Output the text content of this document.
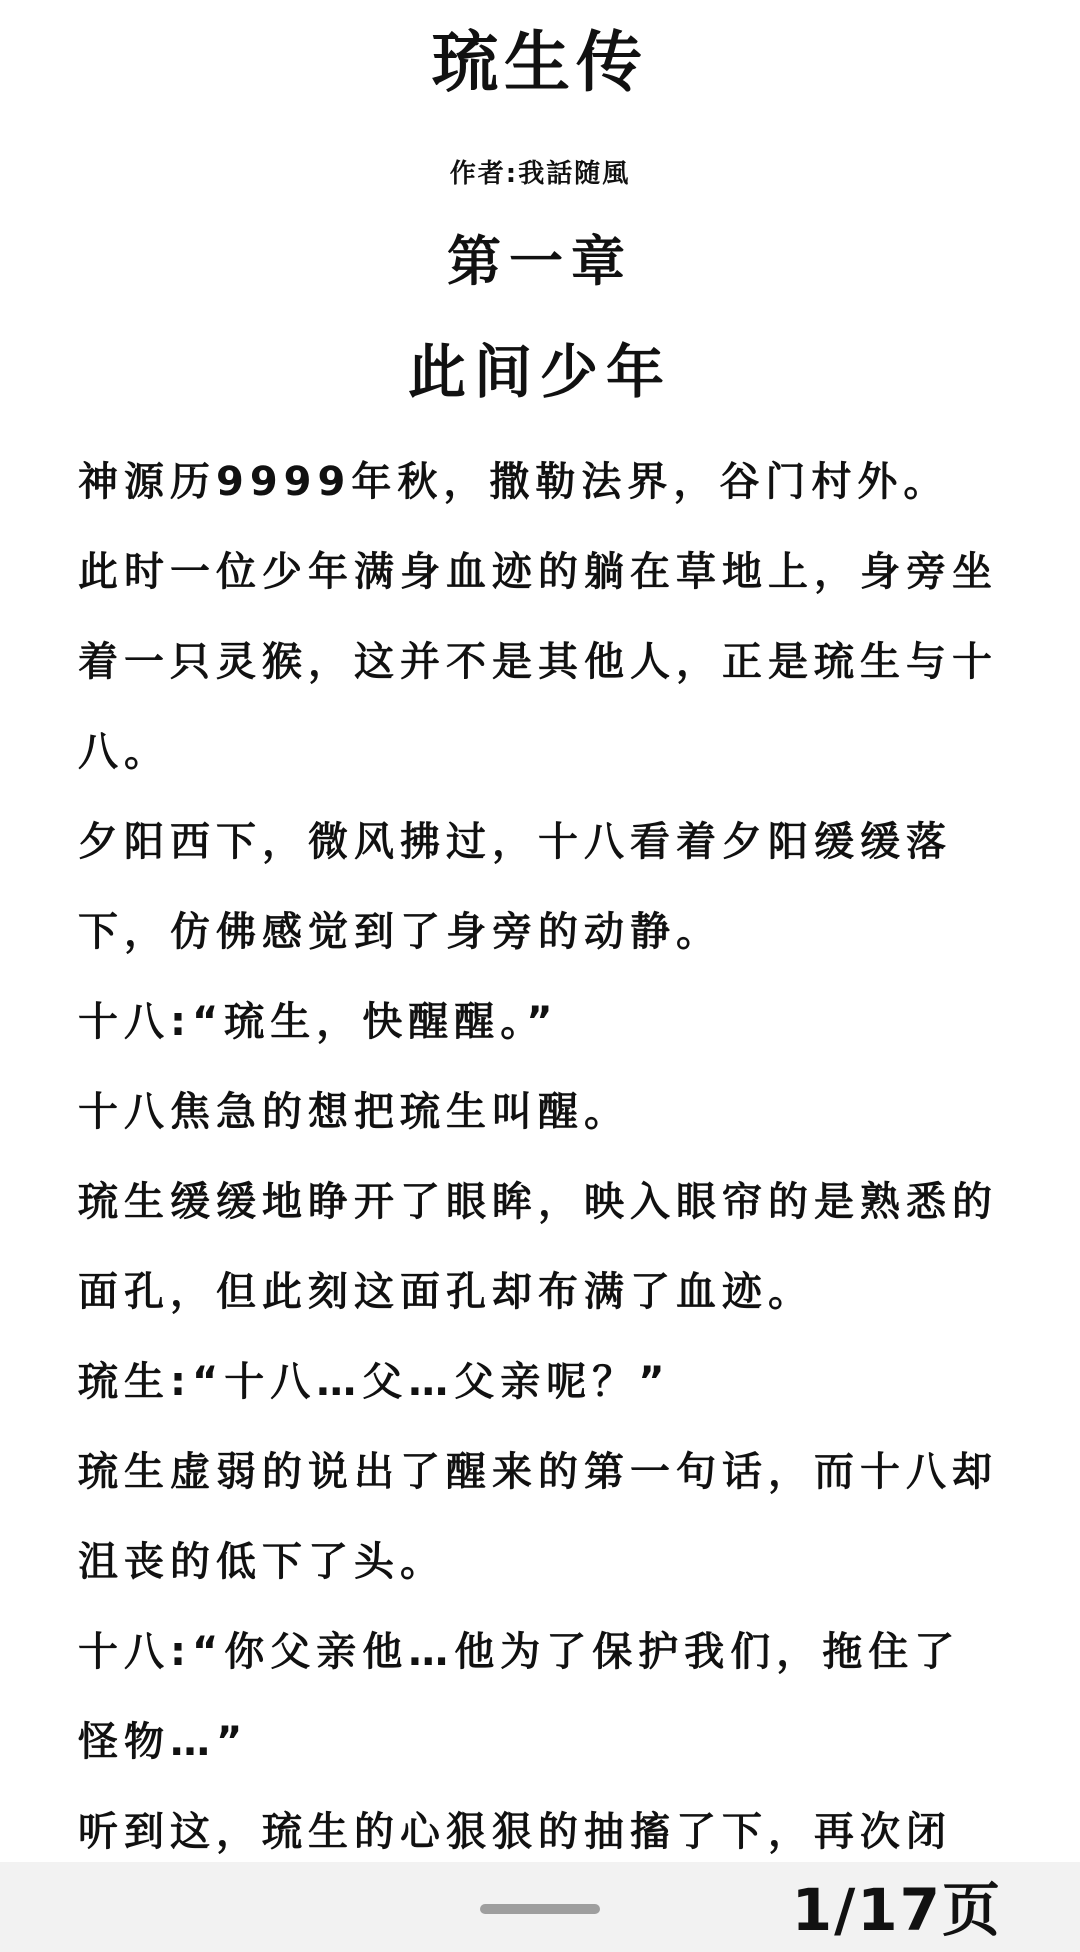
琉生传
作者:我話随風
第一章
此间少年

神源历9999年秋，撒勒法界，谷门村外。

此时一位少年满身血迹的躺在草地上，身旁坐着一只灵猴，这并不是其他人，正是琉生与十八。

夕阳西下，微风拂过，十八看着夕阳缓缓落下，仿佛感觉到了身旁的动静。

十八:“琉生，快醒醒。”

十八焦急的想把琉生叫醒。

琉生缓缓地睁开了眼眸，映入眼帘的是熟悉的面孔，但此刻这面孔却布满了血迹。

琉生:“十八…父…父亲呢？”

琉生虚弱的说出了醒来的第一句话，而十八却沮丧的低下了头。

十八:“你父亲他…他为了保护我们，拖住了怪物…”

听到这，琉生的心狠狠的抽搐了下，再次闭

1/17页
